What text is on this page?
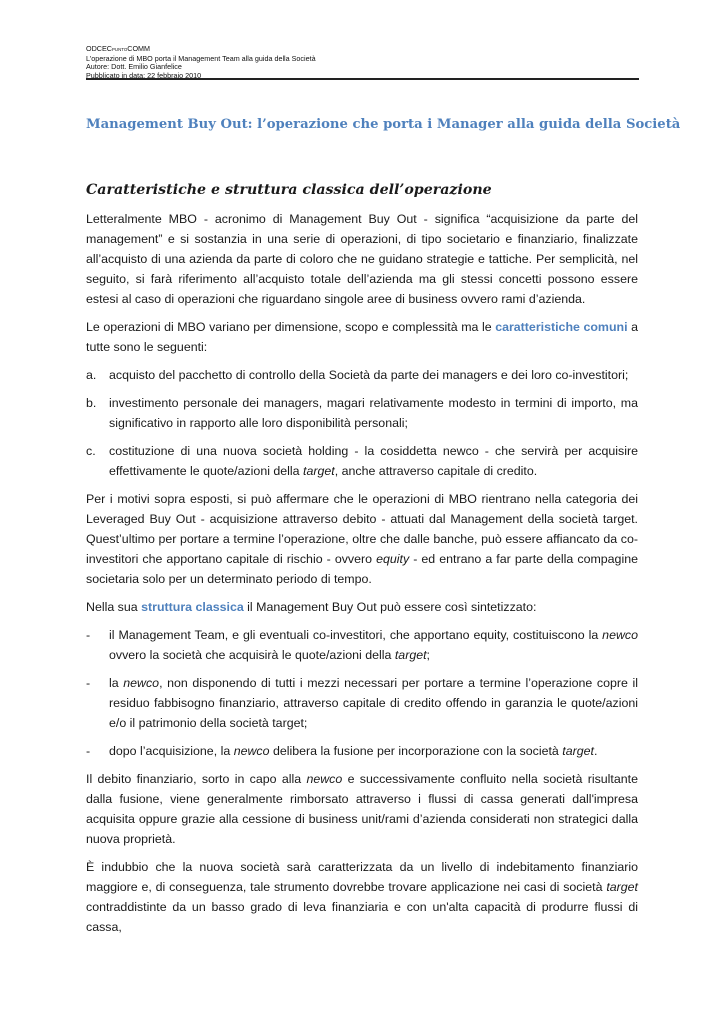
ODCECPUNTOCOMM
L’operazione di MBO porta il Management Team alla guida della Società
Autore: Dott. Emilio Gianfelice
Pubblicato in data: 22 febbraio 2010
Management Buy Out: l’operazione che porta i Manager alla guida della Società
Caratteristiche e struttura classica dell’operazione

Letteralmente MBO - acronimo di Management Buy Out - significa “acquisizione da parte del management” e si sostanzia in una serie di operazioni, di tipo societario e finanziario, finalizzate all’acquisto di una azienda da parte di coloro che ne guidano strategie e tattiche. Per semplicità, nel seguito, si farà riferimento all’acquisto totale dell’azienda ma gli stessi concetti possono essere estesi al caso di operazioni che riguardano singole aree di business ovvero rami d’azienda.

Le operazioni di MBO variano per dimensione, scopo e complessità ma le caratteristiche comuni a tutte sono le seguenti:

a.	acquisto del pacchetto di controllo della Società da parte dei managers e dei loro co-investitori;
b.	investimento personale dei managers, magari relativamente modesto in termini di importo, ma significativo in rapporto alle loro disponibilità personali;
c.	costituzione di una nuova società holding - la cosiddetta newco - che servirà per acquisire effettivamente le quote/azioni della target, anche attraverso capitale di credito.

Per i motivi sopra esposti, si può affermare che le operazioni di MBO rientrano nella categoria dei Leveraged Buy Out - acquisizione attraverso debito - attuati dal Management della società target. Quest’ultimo per portare a termine l’operazione, oltre che dalle banche, può essere affiancato da co-investitori che apportano capitale di rischio - ovvero equity - ed entrano a far parte della compagine societaria solo per un determinato periodo di tempo.

Nella sua struttura classica il Management Buy Out può essere così sintetizzato:

-	il Management Team, e gli eventuali co-investitori, che apportano equity, costituiscono la newco ovvero la società che acquisirà le quote/azioni della target;
-	la newco, non disponendo di tutti i mezzi necessari per portare a termine l’operazione copre il residuo fabbisogno finanziario, attraverso capitale di credito offendo in garanzia le quote/azioni e/o il patrimonio della società target;
-	dopo l’acquisizione, la newco delibera la fusione per incorporazione con la società target.

Il debito finanziario, sorto in capo alla newco e successivamente confluito nella società risultante dalla fusione, viene generalmente rimborsato attraverso i flussi di cassa generati dall'impresa acquisita oppure grazie alla cessione di business unit/rami d’azienda considerati non strategici dalla nuova proprietà.

È indubbio che la nuova società sarà caratterizzata da un livello di indebitamento finanziario maggiore e, di conseguenza, tale strumento dovrebbe trovare applicazione nei casi di società target contraddistinte da un basso grado di leva finanziaria e con un'alta capacità di produrre flussi di cassa,
